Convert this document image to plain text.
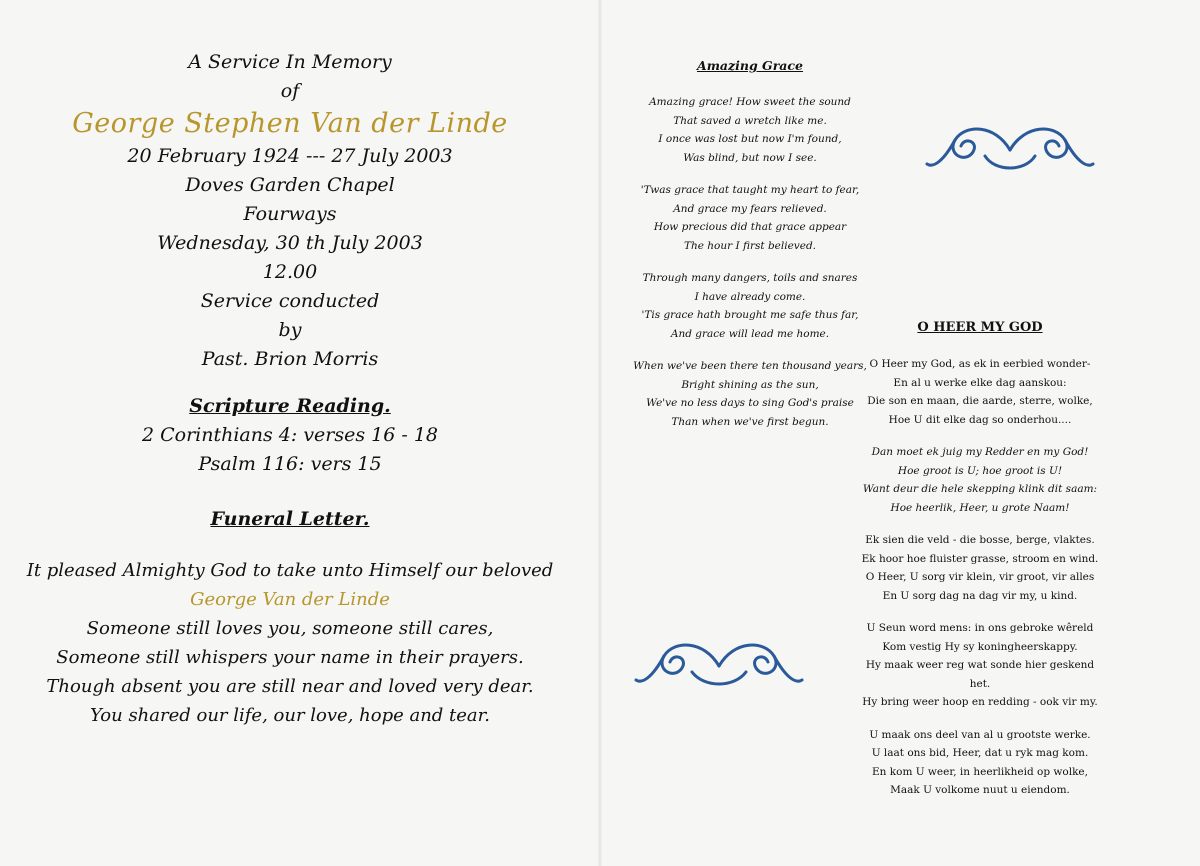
A Service In Memory
of
George Stephen Van der Linde
20 February 1924 --- 27 July 2003
Doves Garden Chapel
Fourways
Wednesday, 30 th July 2003
12.00
Service conducted
by
Past. Brion Morris
Scripture Reading.
2 Corinthians 4: verses 16 - 18
Psalm 116: vers 15
Funeral Letter.
It pleased Almighty God to take unto Himself our beloved
George Van der Linde
Someone still loves you, someone still cares,
Someone still whispers your name in their prayers.
Though absent you are still near and loved very dear.
You shared our life, our love, hope and tear.
Amazing Grace
Amazing grace! How sweet the sound
That saved a wretch like me.
I once was lost but now I'm found,
Was blind, but now I see.
'Twas grace that taught my heart to fear,
And grace my fears relieved.
How precious did that grace appear
The hour I first believed.
Through many dangers, toils and snares
I have already come.
'Tis grace hath brought me safe thus far,
And grace will lead me home.
When we've been there ten thousand years,
Bright shining as the sun,
We've no less days to sing God's praise
Than when we've first begun.
O HEER MY GOD
O Heer my God, as ek in eerbied wonder-
En al u werke elke dag aanskou:
Die son en maan, die aarde, sterre, wolke,
Hoe U dit elke dag so onderhou....
Dan moet ek juig my Redder en my God!
Hoe groot is U; hoe groot is U!
Want deur die hele skepping klink dit saam:
Hoe heerlik, Heer, u grote Naam!
Ek sien die veld - die bosse, berge, vlaktes.
Ek hoor hoe fluister grasse, stroom en wind.
O Heer, U sorg vir klein, vir groot, vir alles
En U sorg dag na dag vir my, u kind.
U Seun word mens: in ons gebroke wêreld
Kom vestig Hy sy koningheerskappy.
Hy maak weer reg wat sonde hier geskend het.
Hy bring weer hoop en redding - ook vir my.
U maak ons deel van al u grootste werke.
U laat ons bid, Heer, dat u ryk mag kom.
En kom U weer, in heerlikheid op wolke,
Maak U volkome nuut u eiendom.
